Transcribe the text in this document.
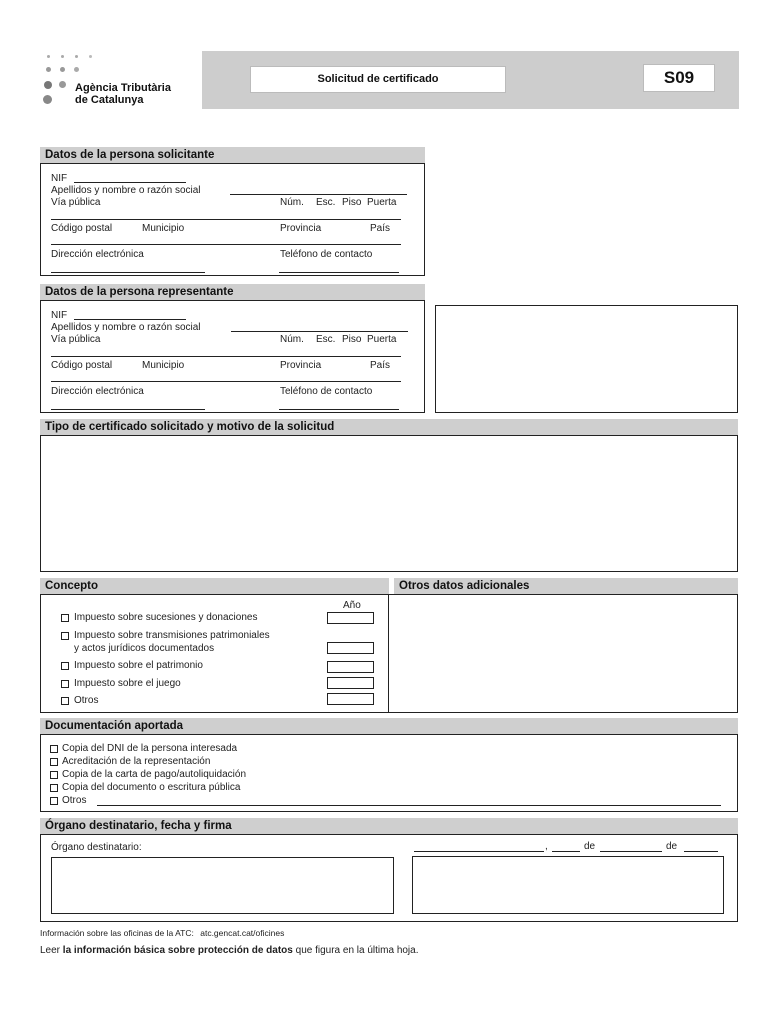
Agència Tributària
de Catalunya
Solicitud de certificado	S09
Datos de la persona solicitante
NIF
Apellidos y nombre o razón social
Vía pública	Núm. Esc. Piso Puerta
Código postal	Municipio	Provincia	País
Dirección electrónica	Teléfono de contacto
Datos de la persona representante
NIF
Apellidos y nombre o razón social
Vía pública	Núm. Esc. Piso Puerta
Código postal	Municipio	Provincia	País
Dirección electrónica	Teléfono de contacto
Tipo de certificado solicitado y motivo de la solicitud
Concepto	Otros datos adicionales
Año
Impuesto sobre sucesiones y donaciones
Impuesto sobre transmisiones patrimoniales
y actos jurídicos documentados
Impuesto sobre el patrimonio
Impuesto sobre el juego
Otros
Documentación aportada
Copia del DNI de la persona interesada
Acreditación de la representación
Copia de la carta de pago/autoliquidación
Copia del documento o escritura pública
Otros
Órgano destinatario, fecha y firma
Órgano destinatario:	,	de	de
Información sobre las oficinas de la ATC: atc.gencat.cat/oficines
Leer la información básica sobre protección de datos que figura en la última hoja.
